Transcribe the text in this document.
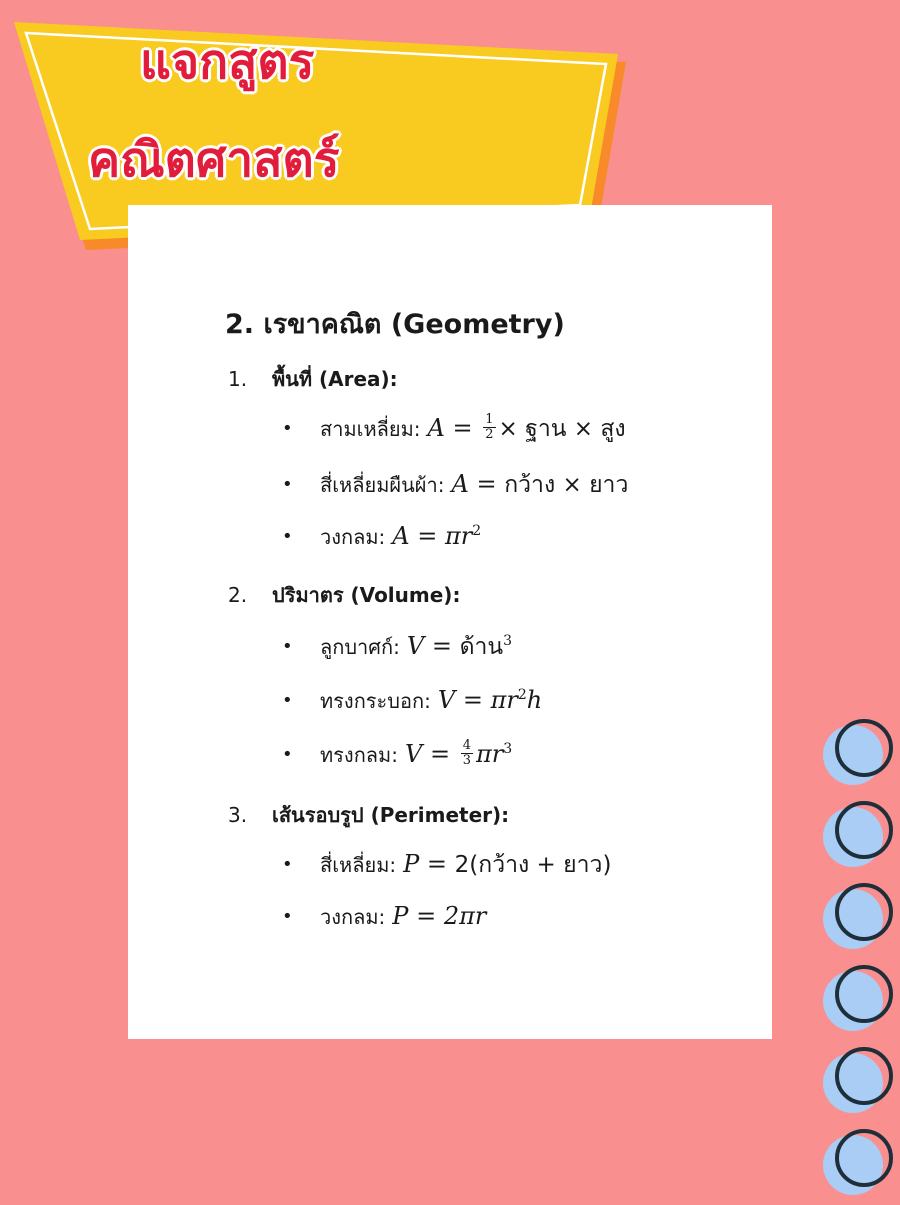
แจกสูตร
คณิตศาสตร์
2. เรขาคณิต (Geometry)

1. พื้นที่ (Area):

• สามเหลี่ยม: $A = \frac{1}{2}$ × ฐาน × สูง

• สี่เหลี่ยมผืนผ้า: A = กว้าง × ยาว

• วงกลม: $A = \pi r^2$

2. ปริมาตร (Volume):

• ลูกบาศก์: V = ด้าน$^3$

• ทรงกระบอก: $V = \pi r^2h$

• ทรงกลม: $V = \frac{4}{3} \pi r^3$

3. เส้นรอบรูป (Perimeter):

• สี่เหลี่ยม: P = 2(กว้าง + ยาว)

• วงกลม: P = 2πr
